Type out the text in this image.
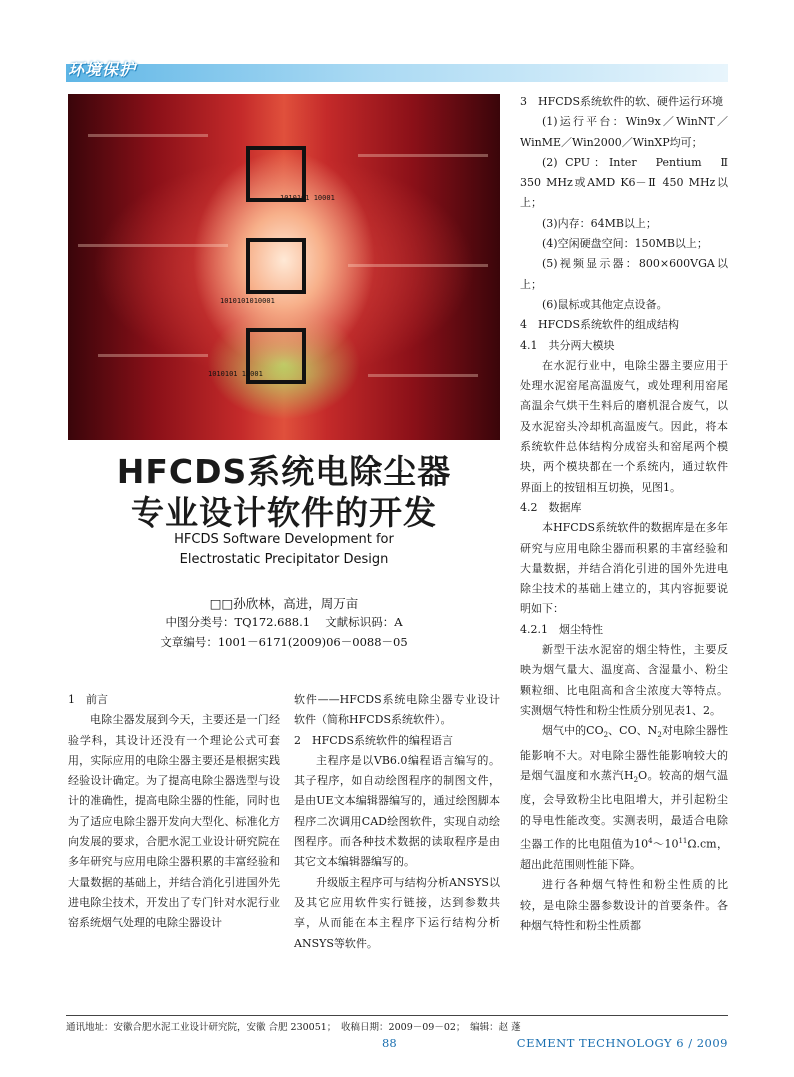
环境保护
1010101 10001
1010101010001
1010101 10001
HFCDS系统电除尘器
专业设计软件的开发
HFCDS Software Development for
Electrostatic Precipitator Design
□□孙欣林，高进，周万亩
中图分类号：TQ172.688.1　 文献标识码：A
文章编号：1001－6171(2009)06－0088－05

1　前言

电除尘器发展到今天，主要还是一门经验学科，其设计还没有一个理论公式可套用，实际应用的电除尘器主要还是根据实践经验设计确定。为了提高电除尘器选型与设计的准确性，提高电除尘器的性能，同时也为了适应电除尘器开发向大型化、标准化方向发展的要求，合肥水泥工业设计研究院在多年研究与应用电除尘器积累的丰富经验和大量数据的基础上，并结合消化引进国外先进电除尘技术，开发出了专门针对水泥行业窑系统烟气处理的电除尘器设计

软件——HFCDS系统电除尘器专业设计软件（简称HFCDS系统软件）。

2　HFCDS系统软件的编程语言

主程序是以VB6.0编程语言编写的。其子程序，如自动绘图程序的制图文件，是由UE文本编辑器编写的，通过绘图脚本程序二次调用CAD绘图软件，实现自动绘图程序。而各种技术数据的读取程序是由其它文本编辑器编写的。

升级版主程序可与结构分析ANSYS以及其它应用软件实行链接，达到参数共享，从而能在本主程序下运行结构分析ANSYS等软件。

3　HFCDS系统软件的软、硬件运行环境

(1)运行平台：Win9x／WinNT／WinME／Win2000／WinXP均可；

(2) CPU：Inter　Pentium　Ⅱ　350 MHz或AMD K6－Ⅱ 450 MHz以上；

(3)内存：64MB以上；

(4)空闲硬盘空间：150MB以上；

(5)视频显示器：800×600VGA以上；

(6)鼠标或其他定点设备。

4　HFCDS系统软件的组成结构

4.1　共分两大模块

在水泥行业中，电除尘器主要应用于处理水泥窑尾高温废气，或处理利用窑尾高温余气烘干生料后的磨机混合废气，以及水泥窑头冷却机高温废气。因此，将本系统软件总体结构分成窑头和窑尾两个模块，两个模块都在一个系统内，通过软件界面上的按钮相互切换，见图1。

4.2　数据库

本HFCDS系统软件的数据库是在多年研究与应用电除尘器而积累的丰富经验和大量数据，并结合消化引进的国外先进电除尘技术的基础上建立的，其内容扼要说明如下：

4.2.1　烟尘特性

新型干法水泥窑的烟尘特性，主要反映为烟气量大、温度高、含湿量小、粉尘颗粒细、比电阻高和含尘浓度大等特点。实测烟气特性和粉尘性质分别见表1、2。

烟气中的$CO_2$、CO、$N_2$对电除尘器性能影响不大。对电除尘器性能影响较大的是烟气温度和水蒸汽$H_2O$。较高的烟气温度，会导致粉尘比电阻增大，并引起粉尘的导电性能改变。实测表明，最适合电除尘器工作的比电阻值为$10^4\sim 10^{11}\Omega.cm$，超出此范围则性能下降。

进行各种烟气特性和粉尘性质的比较，是电除尘器参数设计的首要条件。各种烟气特性和粉尘性质都

通讯地址：安徽合肥水泥工业设计研究院，安徽 合肥 230051；　收稿日期：2009－09－02；　编辑：赵 蓬
88	CEMENT TECHNOLOGY 6 / 2009
